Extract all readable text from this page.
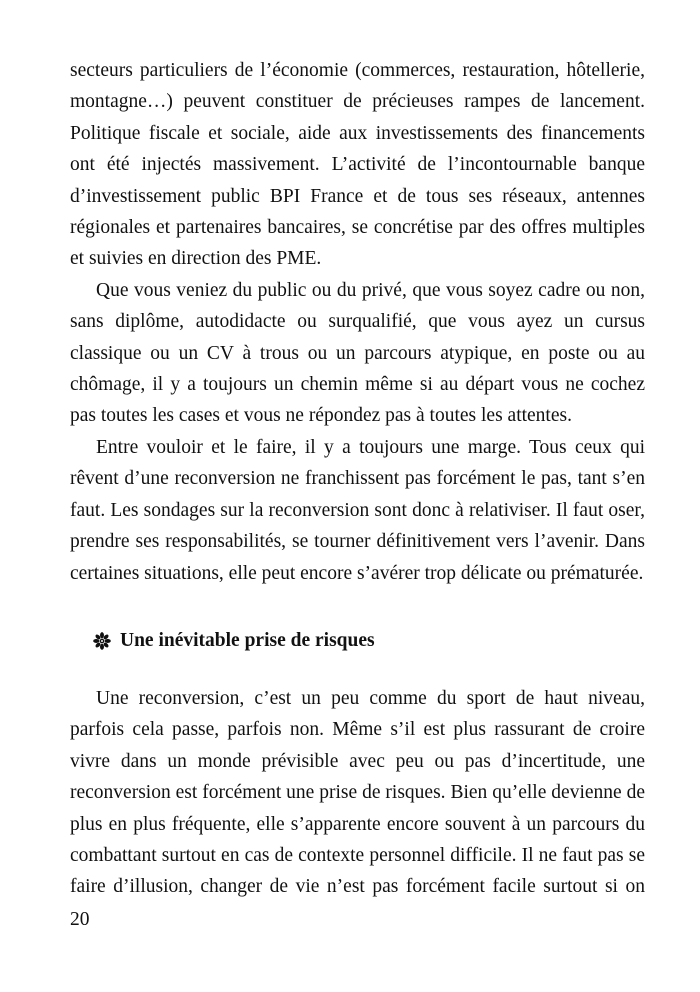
secteurs particuliers de l’économie (commerces, restauration, hôtellerie, montagne…) peuvent constituer de précieuses rampes de lancement. Politique fiscale et sociale, aide aux investissements des financements ont été injectés massivement. L’activité de l’incontournable banque d’investissement public BPI France et de tous ses réseaux, antennes régionales et partenaires bancaires, se concrétise par des offres multiples et suivies en direction des PME.

Que vous veniez du public ou du privé, que vous soyez cadre ou non, sans diplôme, autodidacte ou surqualifié, que vous ayez un cursus classique ou un CV à trous ou un parcours atypique, en poste ou au chômage, il y a toujours un chemin même si au départ vous ne cochez pas toutes les cases et vous ne répondez pas à toutes les attentes.

Entre vouloir et le faire, il y a toujours une marge. Tous ceux qui rêvent d’une reconversion ne franchissent pas forcément le pas, tant s’en faut. Les sondages sur la reconversion sont donc à relativiser. Il faut oser, prendre ses responsabilités, se tourner définitivement vers l’avenir. Dans certaines situations, elle peut encore s’avérer trop délicate ou prématurée.

Une inévitable prise de risques

Une reconversion, c’est un peu comme du sport de haut niveau, parfois cela passe, parfois non. Même s’il est plus rassurant de croire vivre dans un monde prévisible avec peu ou pas d’incertitude, une reconversion est forcément une prise de risques. Bien qu’elle devienne de plus en plus fréquente, elle s’apparente encore souvent à un parcours du combattant surtout en cas de contexte personnel difficile. Il ne faut pas se faire d’illusion, changer de vie n’est pas forcément facile surtout si on

20
